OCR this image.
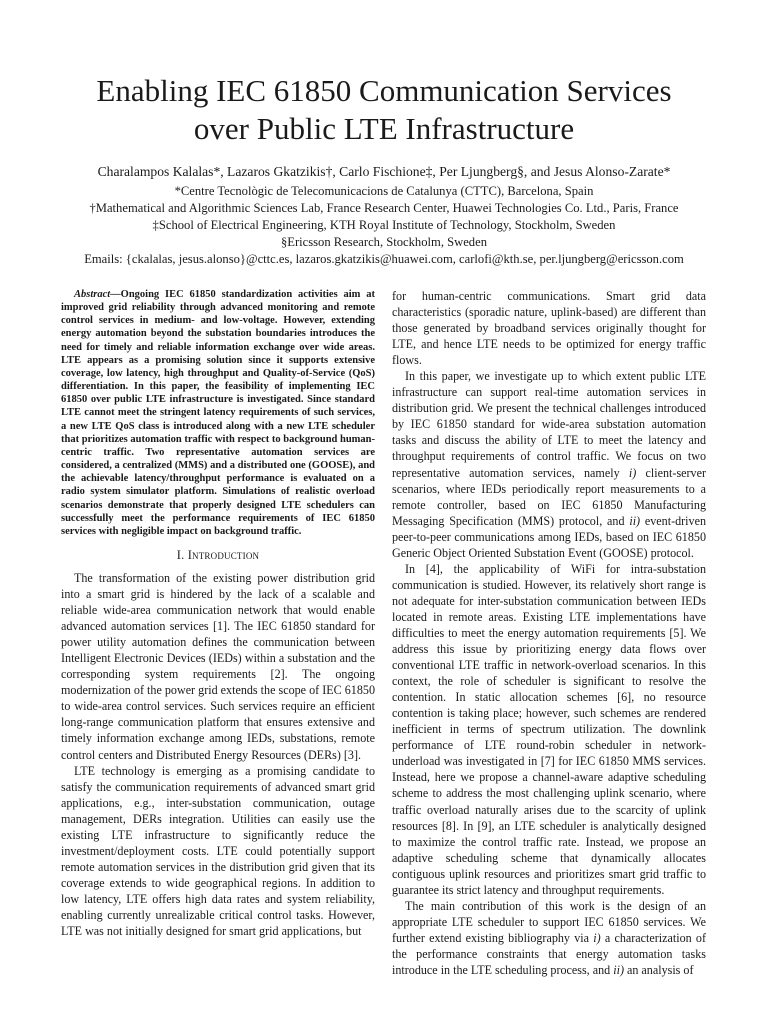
Enabling IEC 61850 Communication Services
over Public LTE Infrastructure
Charalampos Kalalas*, Lazaros Gkatzikis†, Carlo Fischione‡, Per Ljungberg§, and Jesus Alonso-Zarate*
*Centre Tecnològic de Telecomunicacions de Catalunya (CTTC), Barcelona, Spain
†Mathematical and Algorithmic Sciences Lab, France Research Center, Huawei Technologies Co. Ltd., Paris, France
‡School of Electrical Engineering, KTH Royal Institute of Technology, Stockholm, Sweden
§Ericsson Research, Stockholm, Sweden
Emails: {ckalalas, jesus.alonso}@cttc.es, lazaros.gkatzikis@huawei.com, carlofi@kth.se, per.ljungberg@ericsson.com

Abstract—Ongoing IEC 61850 standardization activities aim at improved grid reliability through advanced monitoring and remote control services in medium- and low-voltage. However, extending energy automation beyond the substation boundaries introduces the need for timely and reliable information exchange over wide areas. LTE appears as a promising solution since it supports extensive coverage, low latency, high throughput and Quality-of-Service (QoS) differentiation. In this paper, the feasibility of implementing IEC 61850 over public LTE infrastructure is investigated. Since standard LTE cannot meet the stringent latency requirements of such services, a new LTE QoS class is introduced along with a new LTE scheduler that prioritizes automation traffic with respect to background human-centric traffic. Two representative automation services are considered, a centralized (MMS) and a distributed one (GOOSE), and the achievable latency/throughput performance is evaluated on a radio system simulator platform. Simulations of realistic overload scenarios demonstrate that properly designed LTE schedulers can successfully meet the performance requirements of IEC 61850 services with negligible impact on background traffic.

I. Introduction

The transformation of the existing power distribution grid into a smart grid is hindered by the lack of a scalable and reliable wide-area communication network that would enable advanced automation services [1]. The IEC 61850 standard for power utility automation defines the communication between Intelligent Electronic Devices (IEDs) within a substation and the corresponding system requirements [2]. The ongoing modernization of the power grid extends the scope of IEC 61850 to wide-area control services. Such services require an efficient long-range communication platform that ensures extensive and timely information exchange among IEDs, substations, remote control centers and Distributed Energy Resources (DERs) [3].

LTE technology is emerging as a promising candidate to satisfy the communication requirements of advanced smart grid applications, e.g., inter-substation communication, outage management, DERs integration. Utilities can easily use the existing LTE infrastructure to significantly reduce the investment/deployment costs. LTE could potentially support remote automation services in the distribution grid given that its coverage extends to wide geographical regions. In addition to low latency, LTE offers high data rates and system reliability, enabling currently unrealizable critical control tasks. However, LTE was not initially designed for smart grid applications, but

for human-centric communications. Smart grid data characteristics (sporadic nature, uplink-based) are different than those generated by broadband services originally thought for LTE, and hence LTE needs to be optimized for energy traffic flows.

In this paper, we investigate up to which extent public LTE infrastructure can support real-time automation services in distribution grid. We present the technical challenges introduced by IEC 61850 standard for wide-area substation automation tasks and discuss the ability of LTE to meet the latency and throughput requirements of control traffic. We focus on two representative automation services, namely i) client-server scenarios, where IEDs periodically report measurements to a remote controller, based on IEC 61850 Manufacturing Messaging Specification (MMS) protocol, and ii) event-driven peer-to-peer communications among IEDs, based on IEC 61850 Generic Object Oriented Substation Event (GOOSE) protocol.

In [4], the applicability of WiFi for intra-substation communication is studied. However, its relatively short range is not adequate for inter-substation communication between IEDs located in remote areas. Existing LTE implementations have difficulties to meet the energy automation requirements [5]. We address this issue by prioritizing energy data flows over conventional LTE traffic in network-overload scenarios. In this context, the role of scheduler is significant to resolve the contention. In static allocation schemes [6], no resource contention is taking place; however, such schemes are rendered inefficient in terms of spectrum utilization. The downlink performance of LTE round-robin scheduler in network-underload was investigated in [7] for IEC 61850 MMS services. Instead, here we propose a channel-aware adaptive scheduling scheme to address the most challenging uplink scenario, where traffic overload naturally arises due to the scarcity of uplink resources [8]. In [9], an LTE scheduler is analytically designed to maximize the control traffic rate. Instead, we propose an adaptive scheduling scheme that dynamically allocates contiguous uplink resources and prioritizes smart grid traffic to guarantee its strict latency and throughput requirements.

The main contribution of this work is the design of an appropriate LTE scheduler to support IEC 61850 services. We further extend existing bibliography via i) a characterization of the performance constraints that energy automation tasks introduce in the LTE scheduling process, and ii) an analysis of
